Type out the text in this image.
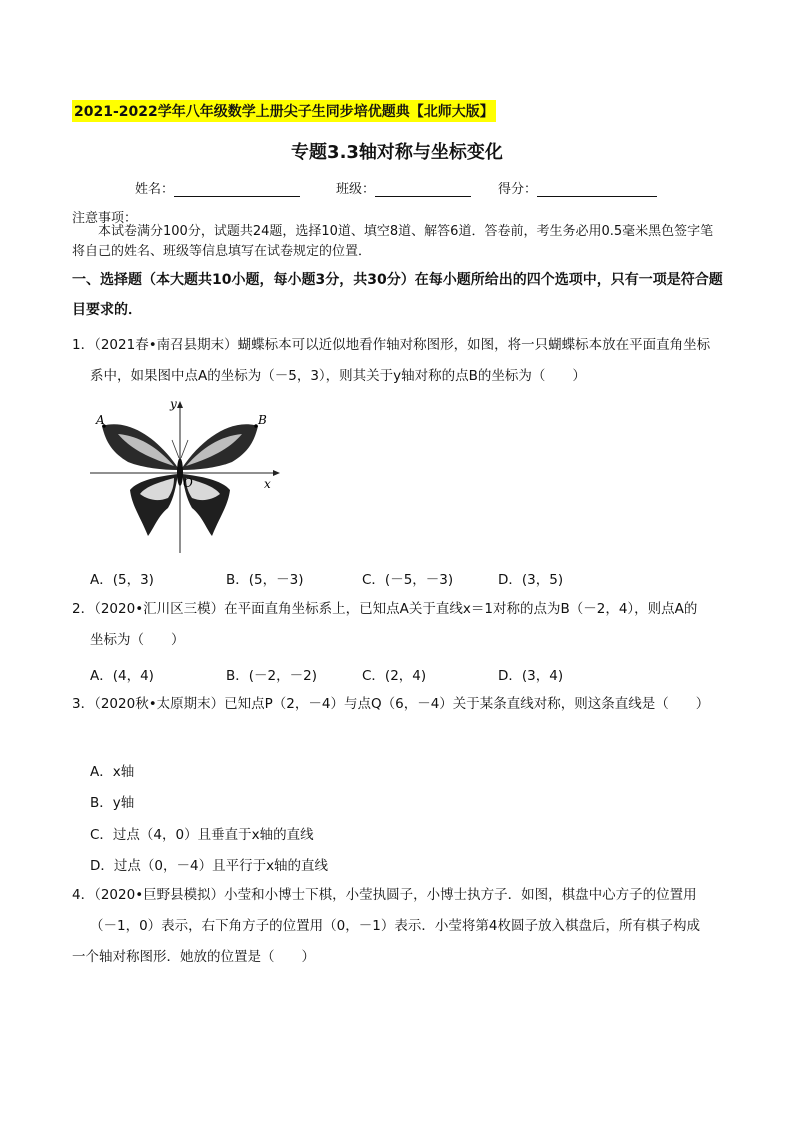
2021-2022学年八年级数学上册尖子生同步培优题典【北师大版】
专题3.3轴对称与坐标变化
姓名：	班级：	得分：
注意事项：
本试卷满分100分，试题共24题，选择10道、填空8道、解答6道．答卷前，考生务必用0.5毫米黑色签字笔将自己的姓名、班级等信息填写在试卷规定的位置．
一、选择题（本大题共10小题，每小题3分，共30分）在每小题所给出的四个选项中，只有一项是符合题目要求的．
1．（2021春•南召县期末）蝴蝶标本可以近似地看作轴对称图形，如图，将一只蝴蝶标本放在平面直角坐标
系中，如果图中点A的坐标为（－5，3），则其关于y轴对称的点B的坐标为（　　）
A	B
y
x
O
A．(5，3)	B．(5，－3)	C．(－5，－3)	D．(3，5)
2．（2020•汇川区三模）在平面直角坐标系上，已知点A关于直线x＝1对称的点为B（－2，4），则点A的
坐标为（　　）
A．(4，4)	B．(－2，－2)	C．(2，4)	D．(3，4)
3．（2020秋•太原期末）已知点P（2，－4）与点Q（6，－4）关于某条直线对称，则这条直线是（　　）
A．x轴
B．y轴
C．过点（4，0）且垂直于x轴的直线
D．过点（0，－4）且平行于x轴的直线
4．（2020•巨野县模拟）小莹和小博士下棋，小莹执圆子，小博士执方子．如图，棋盘中心方子的位置用
（－1，0）表示，右下角方子的位置用（0，－1）表示．小莹将第4枚圆子放入棋盘后，所有棋子构成
一个轴对称图形．她放的位置是（　　）
